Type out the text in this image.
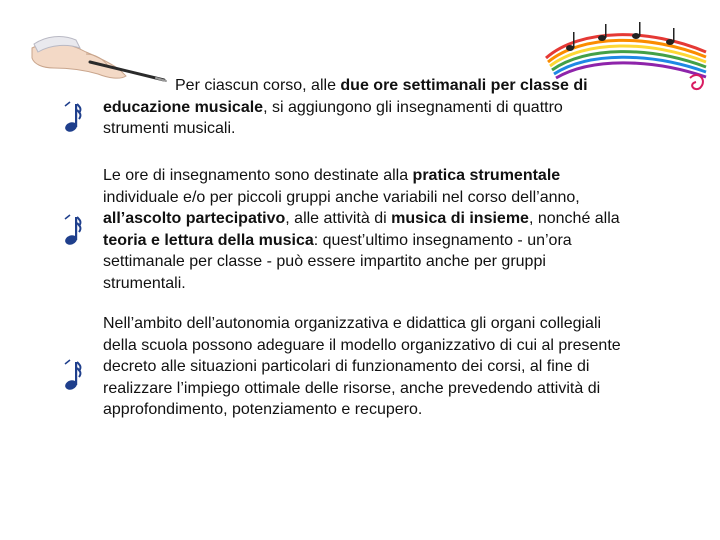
Per ciascun corso, alle due ore settimanali per classe di educazione musicale, si aggiungono gli insegnamenti di quattro strumenti musicali.
Le ore di insegnamento sono destinate alla pratica strumentale individuale e/o per piccoli gruppi anche variabili nel corso dell’anno, all’ascolto partecipativo, alle attività di musica di insieme, nonché alla teoria e lettura della musica: quest’ultimo insegnamento - un’ora settimanale per classe - può essere impartito anche per gruppi strumentali.
Nell’ambito dell’autonomia organizzativa e didattica gli organi collegiali della scuola possono adeguare il modello organizzativo di cui al presente decreto alle situazioni particolari di funzionamento dei corsi, al fine di realizzare l’impiego ottimale delle risorse, anche prevedendo attività di approfondimento, potenziamento e recupero.
